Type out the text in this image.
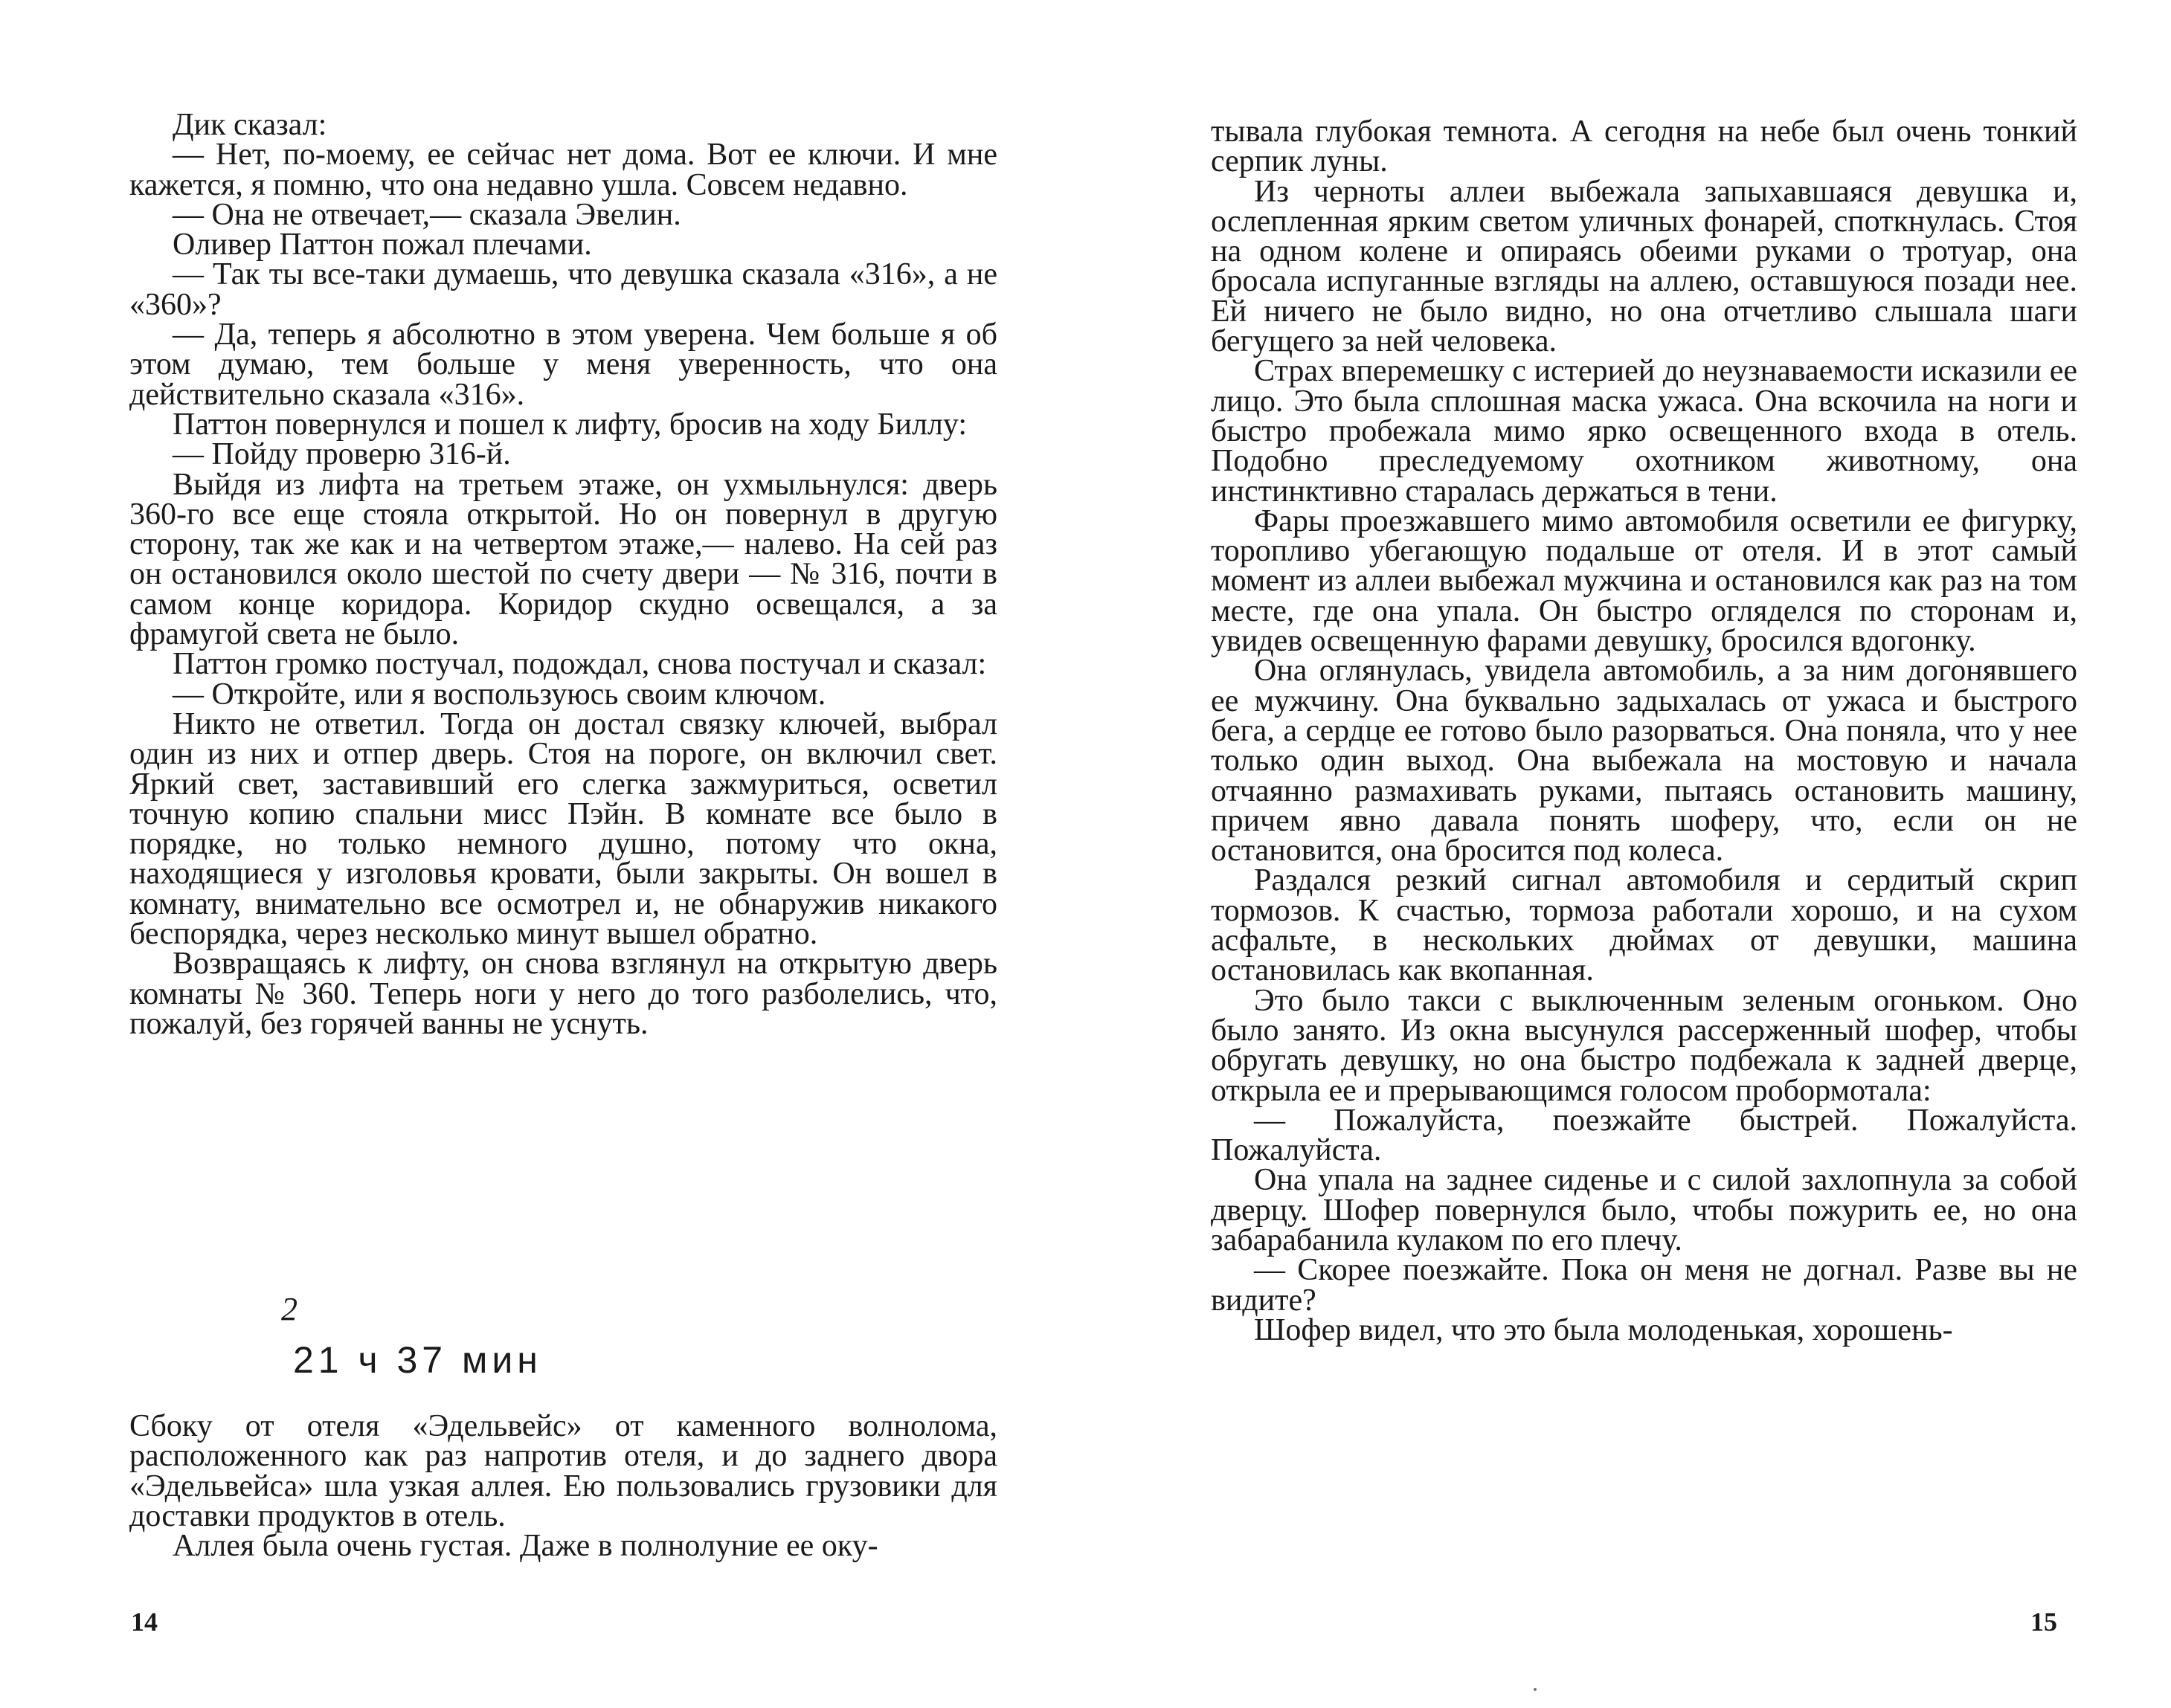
Дик сказал:

— Нет, по-моему, ее сейчас нет дома. Вот ее ключи. И мне кажется, я помню, что она недавно ушла. Совсем недавно.

— Она не отвечает,— сказала Эвелин.

Оливер Паттон пожал плечами.

— Так ты все-таки думаешь, что девушка сказала «316», а не «360»?

— Да, теперь я абсолютно в этом уверена. Чем больше я об этом думаю, тем больше у меня уверенность, что она действительно сказала «316».

Паттон повернулся и пошел к лифту, бросив на ходу Биллу:

— Пойду проверю 316-й.

Выйдя из лифта на третьем этаже, он ухмыльнулся: дверь 360-го все еще стояла открытой. Но он повернул в другую сторону, так же как и на четвертом этаже,— налево. На сей раз он остановился около шестой по счету двери — № 316, почти в самом конце коридора. Коридор скудно освещался, а за фрамугой света не было.

Паттон громко постучал, подождал, снова постучал и сказал:

— Откройте, или я воспользуюсь своим ключом.

Никто не ответил. Тогда он достал связку ключей, выбрал один из них и отпер дверь. Стоя на пороге, он включил свет. Яркий свет, заставивший его слегка зажмуриться, осветил точную копию спальни мисс Пэйн. В комнате все было в порядке, но только немного душно, потому что окна, находящиеся у изголовья кровати, были закрыты. Он вошел в комнату, внимательно все осмотрел и, не обнаружив никакого беспорядка, через несколько минут вышел обратно.

Возвращаясь к лифту, он снова взглянул на открытую дверь комнаты № 360. Теперь ноги у него до того разболелись, что, пожалуй, без горячей ванны не уснуть.

2
21 ч 37 мин

Сбоку от отеля «Эдельвейс» от каменного волнолома, расположенного как раз напротив отеля, и до заднего двора «Эдельвейса» шла узкая аллея. Ею пользовались грузовики для доставки продуктов в отель.

Аллея была очень густая. Даже в полнолуние ее оку-

14

тывала глубокая темнота. А сегодня на небе был очень тонкий серпик луны.

Из черноты аллеи выбежала запыхавшаяся девушка и, ослепленная ярким светом уличных фонарей, споткнулась. Стоя на одном колене и опираясь обеими руками о тротуар, она бросала испуганные взгляды на аллею, оставшуюся позади нее. Ей ничего не было видно, но она отчетливо слышала шаги бегущего за ней человека.

Страх вперемешку с истерией до неузнаваемости исказили ее лицо. Это была сплошная маска ужаса. Она вскочила на ноги и быстро пробежала мимо ярко освещенного входа в отель. Подобно преследуемому охотником животному, она инстинктивно старалась держаться в тени.

Фары проезжавшего мимо автомобиля осветили ее фигурку, торопливо убегающую подальше от отеля. И в этот самый момент из аллеи выбежал мужчина и остановился как раз на том месте, где она упала. Он быстро огляделся по сторонам и, увидев освещенную фарами девушку, бросился вдогонку.

Она оглянулась, увидела автомобиль, а за ним догонявшего ее мужчину. Она буквально задыхалась от ужаса и быстрого бега, а сердце ее готово было разорваться. Она поняла, что у нее только один выход. Она выбежала на мостовую и начала отчаянно размахивать руками, пытаясь остановить машину, причем явно давала понять шоферу, что, если он не остановится, она бросится под колеса.

Раздался резкий сигнал автомобиля и сердитый скрип тормозов. К счастью, тормоза работали хорошо, и на сухом асфальте, в нескольких дюймах от девушки, машина остановилась как вкопанная.

Это было такси с выключенным зеленым огоньком. Оно было занято. Из окна высунулся рассерженный шофер, чтобы обругать девушку, но она быстро подбежала к задней дверце, открыла ее и прерывающимся голосом пробормотала:

— Пожалуйста, поезжайте быстрей. Пожалуйста. Пожалуйста.

Она упала на заднее сиденье и с силой захлопнула за собой дверцу. Шофер повернулся было, чтобы пожурить ее, но она забарабанила кулаком по его плечу.

— Скорее поезжайте. Пока он меня не догнал. Разве вы не видите?

Шофер видел, что это была молоденькая, хорошень-

15
